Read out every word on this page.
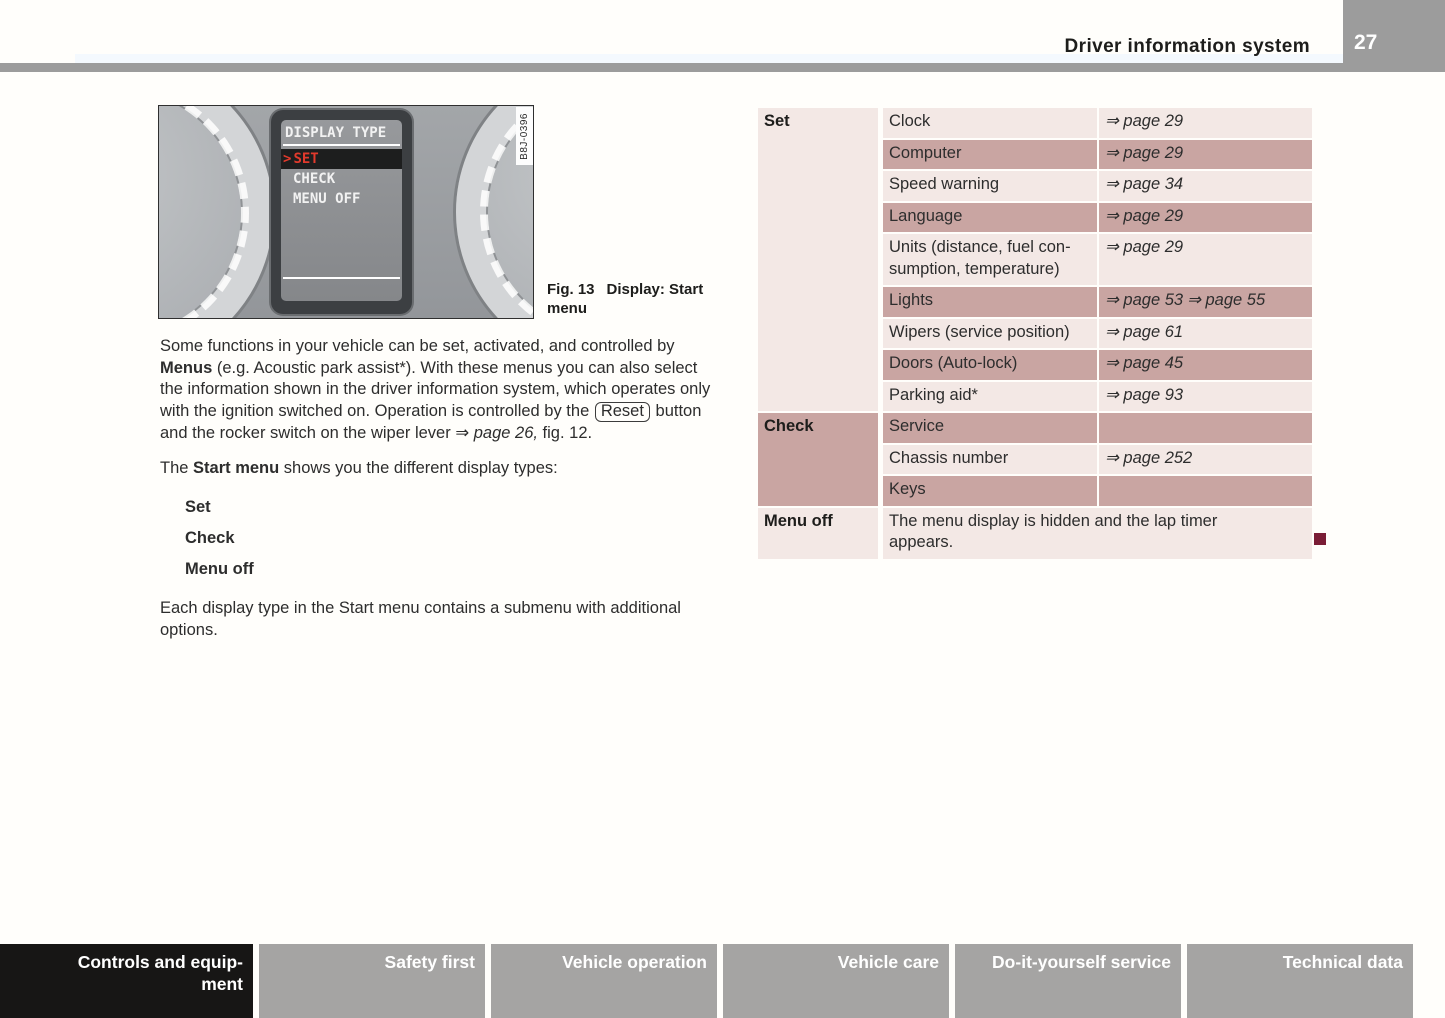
Driver information system 27
DISPLAY TYPE
> SET
CHECK
MENU OFF
B8J-0396
Fig. 13 Display: Start menu

Some functions in your vehicle can be set, activated, and controlled by Menus (e.g. Acoustic park assist*). With these menus you can also select the information shown in the driver information system, which operates only with the ignition switched on. Operation is controlled by the Reset button and the rocker switch on the wiper lever ⇒ page 26, fig. 12.

The Start menu shows you the different display types:

Set
Check
Menu off

Each display type in the Start menu contains a submenu with additional options.

Set	Clock	⇒ page 29
	Computer	⇒ page 29
	Speed warning	⇒ page 34
	Language	⇒ page 29
	Units (distance, fuel consumption, temperature)	⇒ page 29
	Lights	⇒ page 53 ⇒ page 55
	Wipers (service position)	⇒ page 61
	Doors (Auto-lock)	⇒ page 45
	Parking aid*	⇒ page 93
Check	Service	
	Chassis number	⇒ page 252
	Keys	
Menu off	The menu display is hidden and the lap timer appears.	
Controls and equip-
ment
Safety first	Vehicle operation	Vehicle care	Do-it-yourself service	Technical data
